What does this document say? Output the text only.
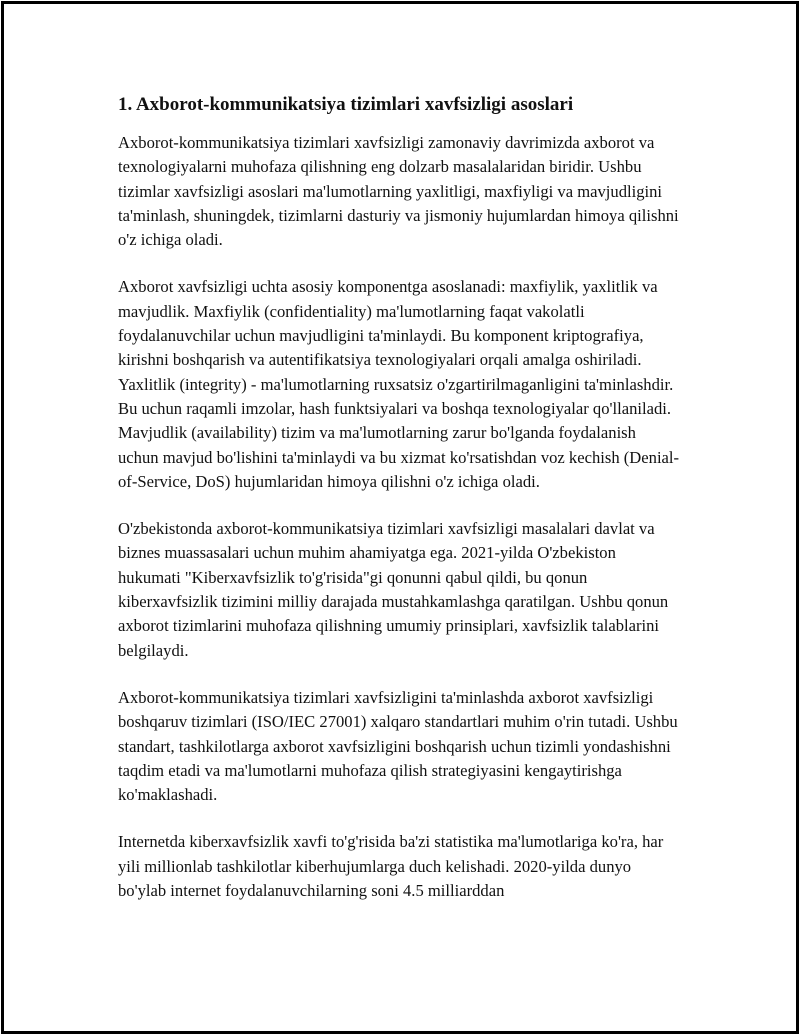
1. Axborot-kommunikatsiya tizimlari xavfsizligi asoslari

Axborot-kommunikatsiya tizimlari xavfsizligi zamonaviy davrimizda axborot va texnologiyalarni muhofaza qilishning eng dolzarb masalalaridan biridir. Ushbu tizimlar xavfsizligi asoslari ma'lumotlarning yaxlitligi, maxfiyligi va mavjudligini ta'minlash, shuningdek, tizimlarni dasturiy va jismoniy hujumlardan himoya qilishni o'z ichiga oladi.

Axborot xavfsizligi uchta asosiy komponentga asoslanadi: maxfiylik, yaxlitlik va mavjudlik. Maxfiylik (confidentiality) ma'lumotlarning faqat vakolatli foydalanuvchilar uchun mavjudligini ta'minlaydi. Bu komponent kriptografiya, kirishni boshqarish va autentifikatsiya texnologiyalari orqali amalga oshiriladi. Yaxlitlik (integrity) - ma'lumotlarning ruxsatsiz o'zgartirilmaganligini ta'minlashdir. Bu uchun raqamli imzolar, hash funktsiyalari va boshqa texnologiyalar qo'llaniladi. Mavjudlik (availability) tizim va ma'lumotlarning zarur bo'lganda foydalanish uchun mavjud bo'lishini ta'minlaydi va bu xizmat ko'rsatishdan voz kechish (Denial-of-Service, DoS) hujumlaridan himoya qilishni o'z ichiga oladi.

O'zbekistonda axborot-kommunikatsiya tizimlari xavfsizligi masalalari davlat va biznes muassasalari uchun muhim ahamiyatga ega. 2021-yilda O'zbekiston hukumati "Kiberxavfsizlik to'g'risida"gi qonunni qabul qildi, bu qonun kiberxavfsizlik tizimini milliy darajada mustahkamlashga qaratilgan. Ushbu qonun axborot tizimlarini muhofaza qilishning umumiy prinsiplari, xavfsizlik talablarini belgilaydi.

Axborot-kommunikatsiya tizimlari xavfsizligini ta'minlashda axborot xavfsizligi boshqaruv tizimlari (ISO/IEC 27001) xalqaro standartlari muhim o'rin tutadi. Ushbu standart, tashkilotlarga axborot xavfsizligini boshqarish uchun tizimli yondashishni taqdim etadi va ma'lumotlarni muhofaza qilish strategiyasini kengaytirishga ko'maklashadi.

Internetda kiberxavfsizlik xavfi to'g'risida ba'zi statistika ma'lumotlariga ko'ra, har yili millionlab tashkilotlar kiberhujumlarga duch kelishadi. 2020-yilda dunyo bo'ylab internet foydalanuvchilarning soni 4.5 milliarddan
